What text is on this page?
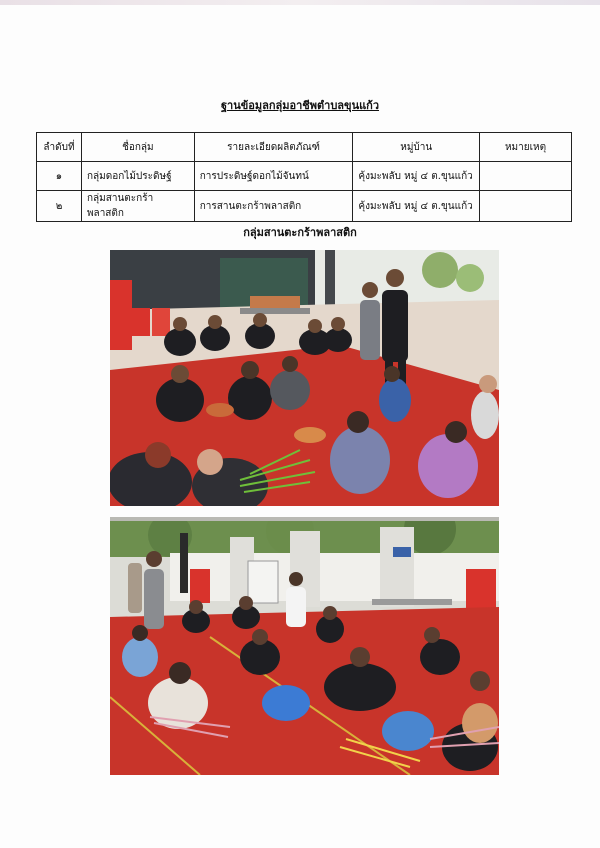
ฐานข้อมูลกลุ่มอาชีพตำบลขุนแก้ว
ลำดับที่	ชื่อกลุ่ม	รายละเอียดผลิตภัณฑ์	หมู่บ้าน	หมายเหตุ
๑	กลุ่มดอกไม้ประดิษฐ์	การประดิษฐ์ดอกไม้จันทน์	คุ้งมะพลับ หมู่ ๔ ต.ขุนแก้ว	
๒	กลุ่มสานตะกร้าพลาสติก	การสานตะกร้าพลาสติก	คุ้งมะพลับ หมู่ ๔ ต.ขุนแก้ว	
กลุ่มสานตะกร้าพลาสติก
